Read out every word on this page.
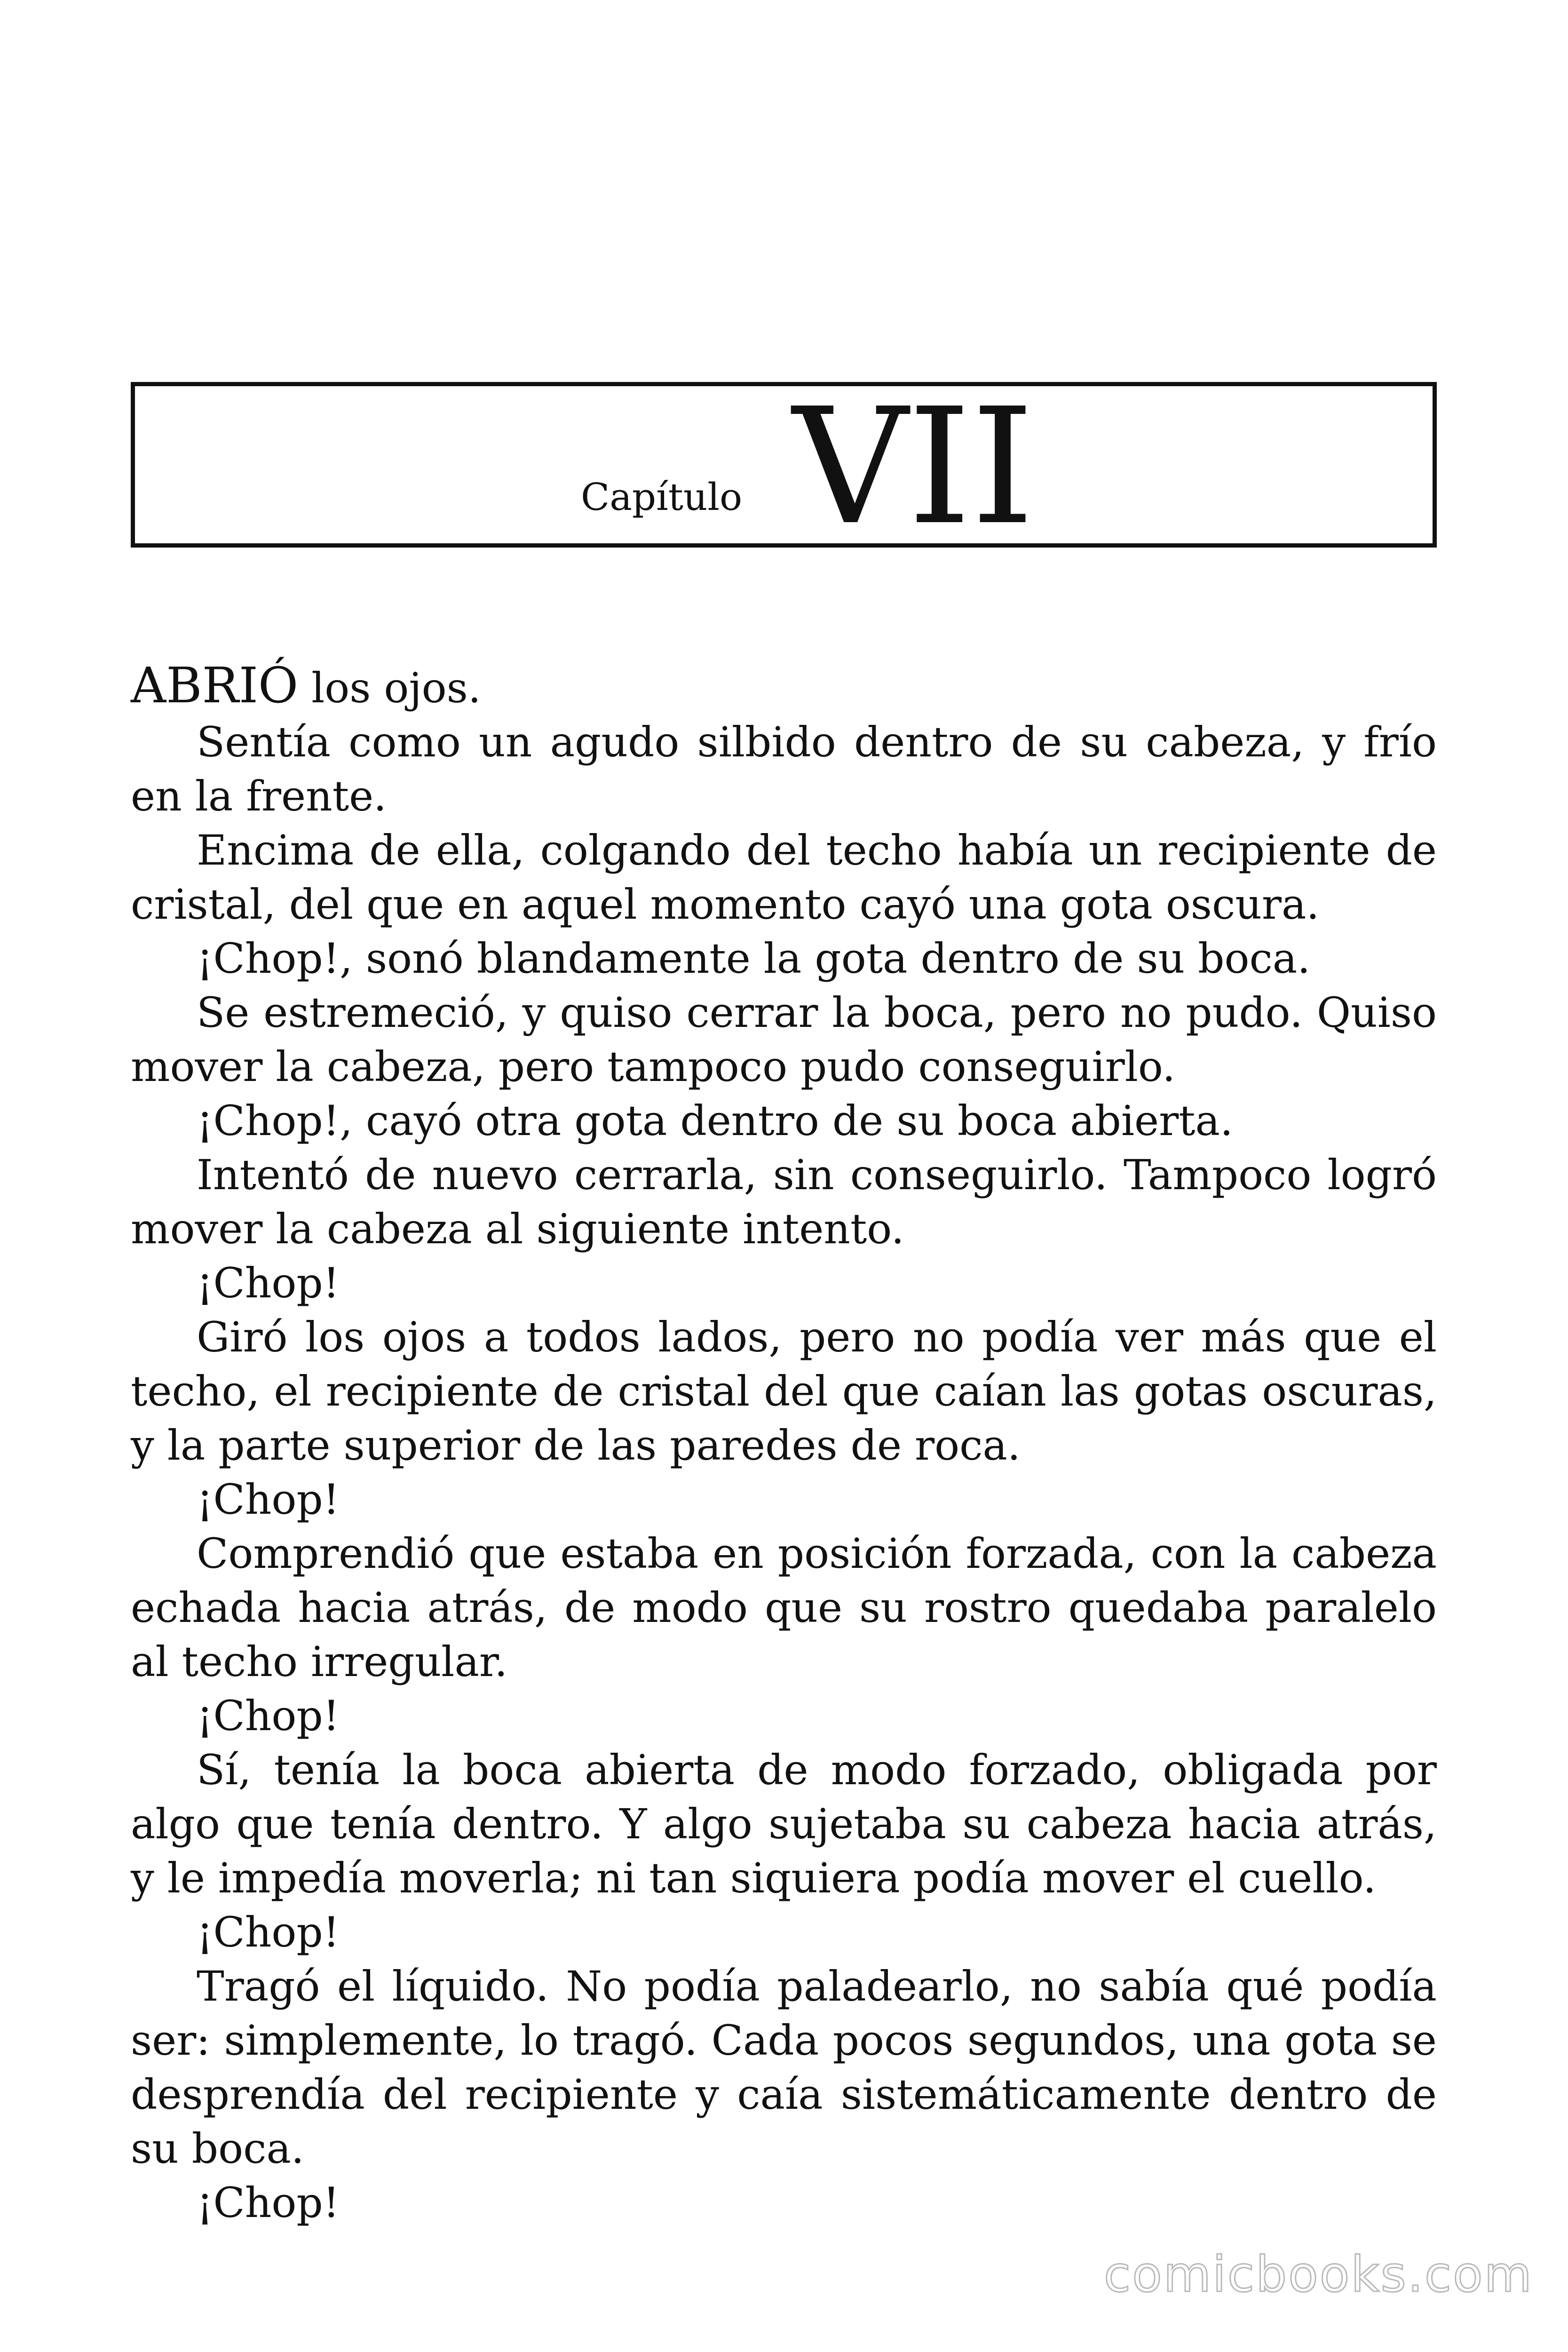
Capítulo VII

ABRIÓ los ojos.

Sentía como un agudo silbido dentro de su cabeza, y frío en la frente.

Encima de ella, colgando del techo había un recipiente de cristal, del que en aquel momento cayó una gota oscura.

¡Chop!, sonó blandamente la gota dentro de su boca.

Se estremeció, y quiso cerrar la boca, pero no pudo. Quiso mover la cabeza, pero tampoco pudo conseguirlo.

¡Chop!, cayó otra gota dentro de su boca abierta.

Intentó de nuevo cerrarla, sin conseguirlo. Tampoco logró mover la cabeza al siguiente intento.

¡Chop!

Giró los ojos a todos lados, pero no podía ver más que el techo, el recipiente de cristal del que caían las gotas oscuras, y la parte superior de las paredes de roca.

¡Chop!

Comprendió que estaba en posición forzada, con la cabeza echada hacia atrás, de modo que su rostro quedaba paralelo al techo irregular.

¡Chop!

Sí, tenía la boca abierta de modo forzado, obligada por algo que tenía dentro. Y algo sujetaba su cabeza hacia atrás, y le impedía moverla; ni tan siquiera podía mover el cuello.

¡Chop!

Tragó el líquido. No podía paladearlo, no sabía qué podía ser: simplemente, lo tragó. Cada pocos segundos, una gota se desprendía del recipiente y caía sistemáticamente dentro de su boca.

¡Chop!

comicbooks.com
